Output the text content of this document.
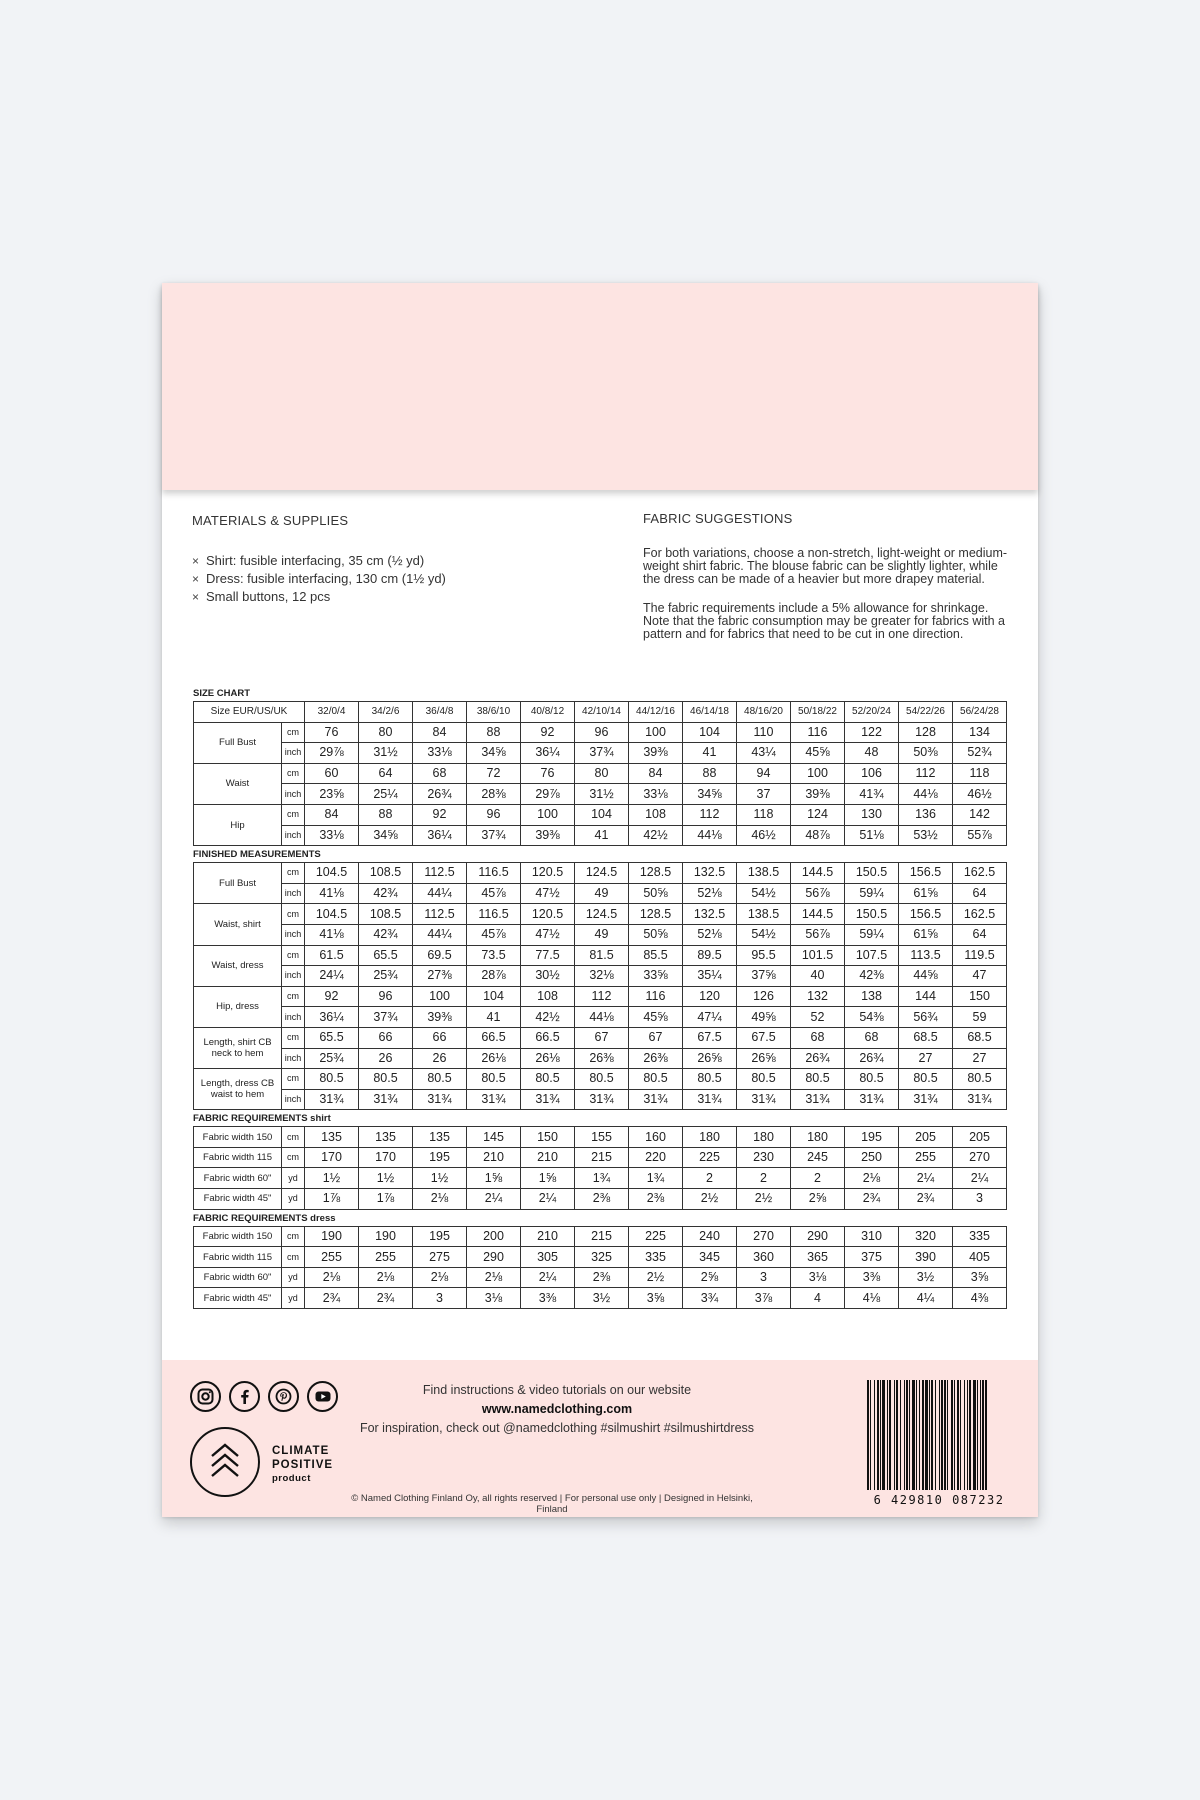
MATERIALS & SUPPLIES
× Shirt: fusible interfacing, 35 cm (½ yd)
× Dress: fusible interfacing, 130 cm (1½ yd)
× Small buttons, 12 pcs
FABRIC SUGGESTIONS

For both variations, choose a non-stretch, light-weight or medium-weight shirt fabric. The blouse fabric can be slightly lighter, while the dress can be made of a heavier but more drapey material.

The fabric requirements include a 5% allowance for shrinkage. Note that the fabric consumption may be greater for fabrics with a pattern and for fabrics that need to be cut in one direction.

SIZE CHART
Size EUR/US/UK		32/0/4	34/2/6	36/4/8	38/6/10	40/8/12	42/10/14	44/12/16	46/14/18	48/16/20	50/18/22	52/20/24	54/22/26	56/24/28
Full Bust	cm	76	80	84	88	92	96	100	104	110	116	122	128	134
	inch	29⅞	31½	33⅛	34⅝	36¼	37¾	39⅜	41	43¼	45⅝	48	50⅜	52¾
Waist	cm	60	64	68	72	76	80	84	88	94	100	106	112	118
	inch	23⅝	25¼	26¾	28⅜	29⅞	31½	33⅛	34⅝	37	39⅜	41¾	44⅛	46½
Hip	cm	84	88	92	96	100	104	108	112	118	124	130	136	142
	inch	33⅛	34⅝	36¼	37¾	39⅜	41	42½	44⅛	46½	48⅞	51⅛	53½	55⅞
FINISHED MEASUREMENTS
Full Bust	cm	104.5	108.5	112.5	116.5	120.5	124.5	128.5	132.5	138.5	144.5	150.5	156.5	162.5
	inch	41⅛	42¾	44¼	45⅞	47½	49	50⅝	52⅛	54½	56⅞	59¼	61⅝	64
Waist, shirt	cm	104.5	108.5	112.5	116.5	120.5	124.5	128.5	132.5	138.5	144.5	150.5	156.5	162.5
	inch	41⅛	42¾	44¼	45⅞	47½	49	50⅝	52⅛	54½	56⅞	59¼	61⅝	64
Waist, dress	cm	61.5	65.5	69.5	73.5	77.5	81.5	85.5	89.5	95.5	101.5	107.5	113.5	119.5
	inch	24¼	25¾	27⅜	28⅞	30½	32⅛	33⅝	35¼	37⅝	40	42⅜	44⅝	47
Hip, dress	cm	92	96	100	104	108	112	116	120	126	132	138	144	150
	inch	36¼	37¾	39⅜	41	42½	44⅛	45⅝	47¼	49⅝	52	54⅜	56¾	59
Length, shirt CB neck to hem	cm	65.5	66	66	66.5	66.5	67	67	67.5	67.5	68	68	68.5	68.5
	inch	25¾	26	26	26⅛	26⅛	26⅜	26⅜	26⅝	26⅝	26¾	26¾	27	27
Length, dress CB waist to hem	cm	80.5	80.5	80.5	80.5	80.5	80.5	80.5	80.5	80.5	80.5	80.5	80.5	80.5
	inch	31¾	31¾	31¾	31¾	31¾	31¾	31¾	31¾	31¾	31¾	31¾	31¾	31¾
FABRIC REQUIREMENTS shirt
Fabric width 150	cm	135	135	135	145	150	155	160	180	180	180	195	205	205
Fabric width 115	cm	170	170	195	210	210	215	220	225	230	245	250	255	270
Fabric width 60"	yd	1½	1½	1½	1⅝	1⅝	1¾	1¾	2	2	2	2⅛	2¼	2¼
Fabric width 45"	yd	1⅞	1⅞	2⅛	2¼	2¼	2⅜	2⅜	2½	2½	2⅝	2¾	2¾	3
FABRIC REQUIREMENTS dress
Fabric width 150	cm	190	190	195	200	210	215	225	240	270	290	310	320	335
Fabric width 115	cm	255	255	275	290	305	325	335	345	360	365	375	390	405
Fabric width 60"	yd	2⅛	2⅛	2⅛	2⅛	2¼	2⅜	2½	2⅝	3	3⅛	3⅜	3½	3⅝
Fabric width 45"	yd	2¾	2¾	3	3⅛	3⅜	3½	3⅝	3¾	3⅞	4	4⅛	4¼	4⅜
CLIMATE
POSITIVE
product
Find instructions & video tutorials on our website www.namedclothing.com
For inspiration, check out @namedclothing #silmushirt #silmushirtdress
© Named Clothing Finland Oy, all rights reserved | For personal use only | Designed in Helsinki, Finland
6 429810 087232
